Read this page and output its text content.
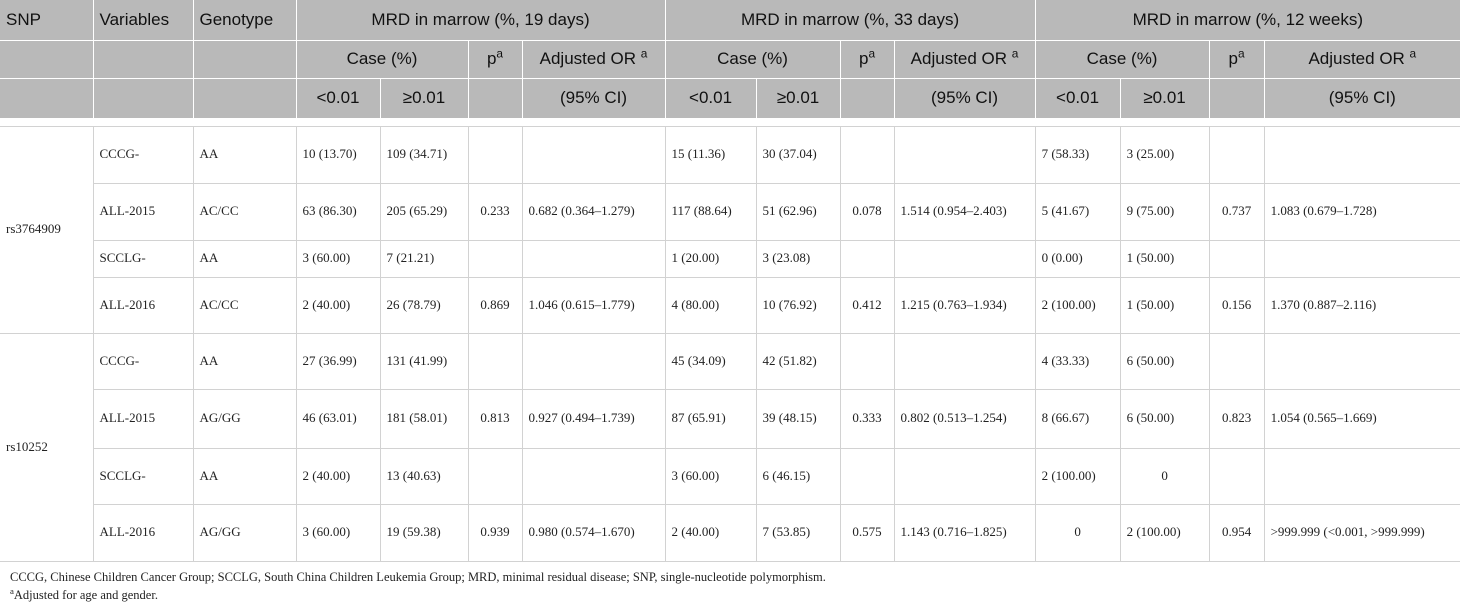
SNP	Variables	Genotype	MRD in marrow (%, 19 days)				MRD in marrow (%, 33 days)				MRD in marrow (%, 12 weeks)			
			Case (%)		$p^a$	Adjusted OR $^a$	Case (%)		$p^a$	Adjusted OR $^a$	Case (%)		$p^a$	Adjusted OR $^a$
			<0.01	≥0.01		(95% CI)	<0.01	≥0.01		(95% CI)	<0.01	≥0.01		(95% CI)

rs3764909	CCCG-	AA	10 (13.70)	109 (34.71)			15 (11.36)	30 (37.04)			7 (58.33)	3 (25.00)		
	ALL-2015	AC/CC	63 (86.30)	205 (65.29)	0.233	0.682 (0.364–1.279)	117 (88.64)	51 (62.96)	0.078	1.514 (0.954–2.403)	5 (41.67)	9 (75.00)	0.737	1.083 (0.679–1.728)
	SCCLG-	AA	3 (60.00)	7 (21.21)			1 (20.00)	3 (23.08)			0 (0.00)	1 (50.00)		
	ALL-2016	AC/CC	2 (40.00)	26 (78.79)	0.869	1.046 (0.615–1.779)	4 (80.00)	10 (76.92)	0.412	1.215 (0.763–1.934)	2 (100.00)	1 (50.00)	0.156	1.370 (0.887–2.116)
rs10252	CCCG-	AA	27 (36.99)	131 (41.99)			45 (34.09)	42 (51.82)			4 (33.33)	6 (50.00)		
	ALL-2015	AG/GG	46 (63.01)	181 (58.01)	0.813	0.927 (0.494–1.739)	87 (65.91)	39 (48.15)	0.333	0.802 (0.513–1.254)	8 (66.67)	6 (50.00)	0.823	1.054 (0.565–1.669)
	SCCLG-	AA	2 (40.00)	13 (40.63)			3 (60.00)	6 (46.15)			2 (100.00)	0		
	ALL-2016	AG/GG	3 (60.00)	19 (59.38)	0.939	0.980 (0.574–1.670)	2 (40.00)	7 (53.85)	0.575	1.143 (0.716–1.825)	0	2 (100.00)	0.954	>999.999 (<0.001, >999.999)

CCCG, Chinese Children Cancer Group; SCCLG, South China Children Leukemia Group; MRD, minimal residual disease; SNP, single-nucleotide polymorphism.
$^a$Adjusted for age and gender.														
